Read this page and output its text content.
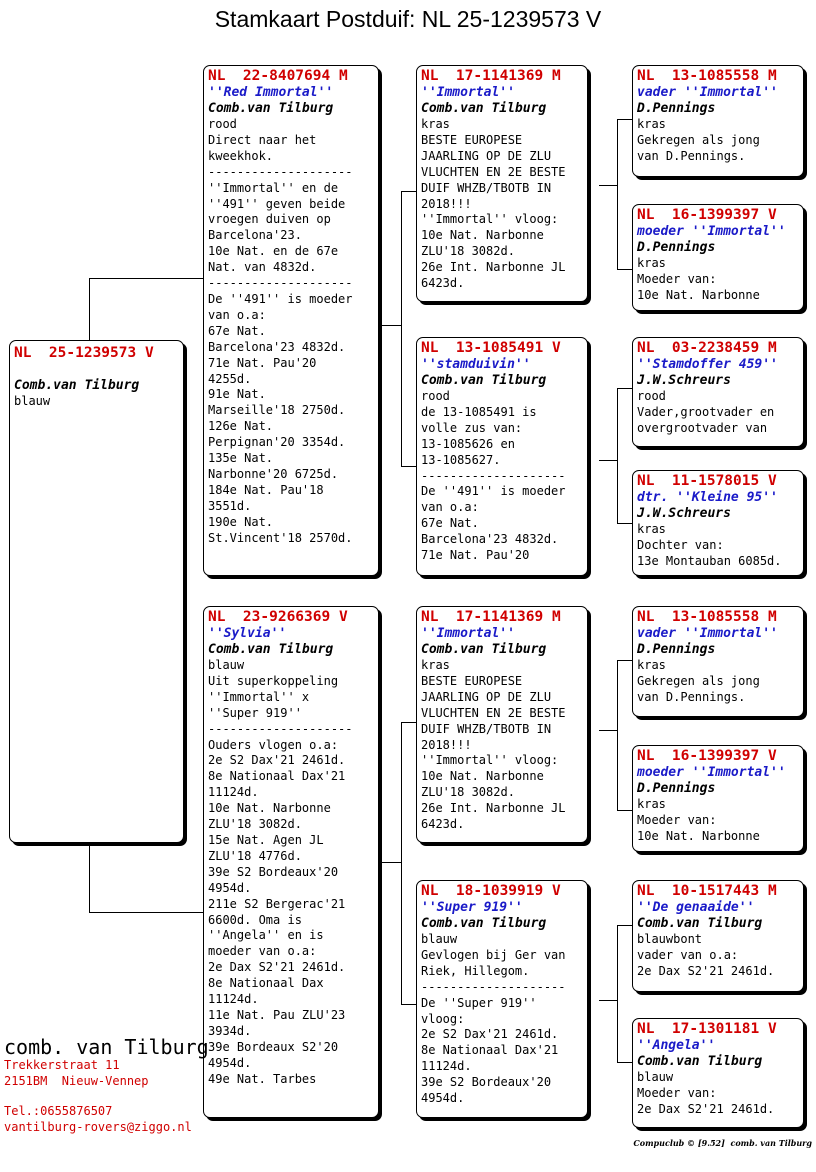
Stamkaart Postduif: NL 25-1239573 V
NL  25-1239573 V
Comb.van Tilburg
blauw
NL  22-8407694 M
''Red Immortal''
Comb.van Tilburg
rood
Direct naar het
kweekhok.
--------------------
''Immortal'' en de
''491'' geven beide
vroegen duiven op
Barcelona'23.
10e Nat. en de 67e
Nat. van 4832d.
--------------------
De ''491'' is moeder
van o.a:
67e Nat.
Barcelona'23 4832d.
71e Nat. Pau'20
4255d.
91e Nat.
Marseille'18 2750d.
126e Nat.
Perpignan'20 3354d.
135e Nat.
Narbonne'20 6725d.
184e Nat. Pau'18
3551d.
190e Nat.
St.Vincent'18 2570d.
NL  23-9266369 V
''Sylvia''
Comb.van Tilburg
blauw
Uit superkoppeling
''Immortal'' x
''Super 919''
--------------------
Ouders vlogen o.a:
2e S2 Dax'21 2461d.
8e Nationaal Dax'21
11124d.
10e Nat. Narbonne
ZLU'18 3082d.
15e Nat. Agen JL
ZLU'18 4776d.
39e S2 Bordeaux'20
4954d.
211e S2 Bergerac'21
6600d. Oma is
''Angela'' en is
moeder van o.a:
2e Dax S2'21 2461d.
8e Nationaal Dax
11124d.
11e Nat. Pau ZLU'23
3934d.
39e Bordeaux S2'20
4954d.
49e Nat. Tarbes
NL  17-1141369 M
''Immortal''
Comb.van Tilburg
kras
BESTE EUROPESE
JAARLING OP DE ZLU
VLUCHTEN EN 2E BESTE
DUIF WHZB/TBOTB IN
2018!!!
''Immortal'' vloog:
10e Nat. Narbonne
ZLU'18 3082d.
26e Int. Narbonne JL
6423d.
NL  13-1085491 V
''stamduivin''
Comb.van Tilburg
rood
de 13-1085491 is
volle zus van:
13-1085626 en
13-1085627.
--------------------
De ''491'' is moeder
van o.a:
67e Nat.
Barcelona'23 4832d.
71e Nat. Pau'20
NL  17-1141369 M
''Immortal''
Comb.van Tilburg
kras
BESTE EUROPESE
JAARLING OP DE ZLU
VLUCHTEN EN 2E BESTE
DUIF WHZB/TBOTB IN
2018!!!
''Immortal'' vloog:
10e Nat. Narbonne
ZLU'18 3082d.
26e Int. Narbonne JL
6423d.
NL  18-1039919 V
''Super 919''
Comb.van Tilburg
blauw
Gevlogen bij Ger van
Riek, Hillegom.
--------------------
De ''Super 919''
vloog:
2e S2 Dax'21 2461d.
8e Nationaal Dax'21
11124d.
39e S2 Bordeaux'20
4954d.
NL  13-1085558 M
vader ''Immortal''
D.Pennings
kras
Gekregen als jong
van D.Pennings.
NL  16-1399397 V
moeder ''Immortal''
D.Pennings
kras
Moeder van:
10e Nat. Narbonne
NL  03-2238459 M
''Stamdoffer 459''
J.W.Schreurs
rood
Vader,grootvader en
overgrootvader van
NL  11-1578015 V
dtr. ''Kleine 95''
J.W.Schreurs
kras
Dochter van:
13e Montauban 6085d.
NL  13-1085558 M
vader ''Immortal''
D.Pennings
kras
Gekregen als jong
van D.Pennings.
NL  16-1399397 V
moeder ''Immortal''
D.Pennings
kras
Moeder van:
10e Nat. Narbonne
NL  10-1517443 M
''De genaaide''
Comb.van Tilburg
blauwbont
vader van o.a:
2e Dax S2'21 2461d.
NL  17-1301181 V
''Angela''
Comb.van Tilburg
blauw
Moeder van:
2e Dax S2'21 2461d.
comb. van Tilburg
Trekkerstraat 11
2151BM  Nieuw-Vennep
Tel.:0655876507
vantilburg-rovers@ziggo.nl
Compuclub © [9.52]  comb. van Tilburg
